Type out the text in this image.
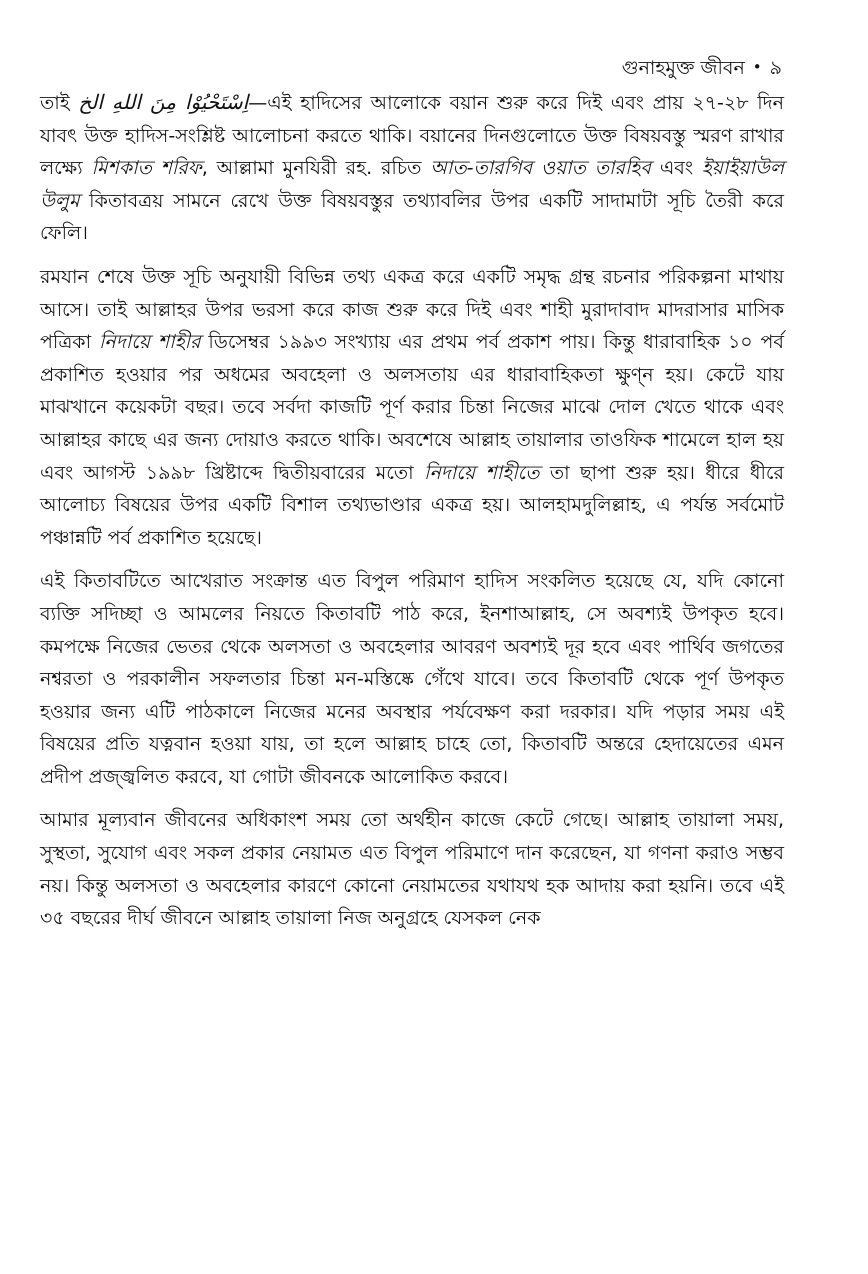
গুনাহমুক্ত জীবন • ৯

তাই اِسْتَحْيُوْا مِنَ اللهِ الخ—এই হাদিসের আলোকে বয়ান শুরু করে দিই এবং প্রায় ২৭-২৮ দিন যাবৎ উক্ত হাদিস-সংশ্লিষ্ট আলোচনা করতে থাকি। বয়ানের দিনগুলোতে উক্ত বিষয়বস্তু স্মরণ রাখার লক্ষ্যে মিশকাত শরিফ, আল্লামা মুনযিরী রহ. রচিত আত-তারগিব ওয়াত তারহিব এবং ইয়াইয়াউল উলুম কিতাবত্রয় সামনে রেখে উক্ত বিষয়বস্তুর তথ্যাবলির উপর একটি সাদামাটা সূচি তৈরী করে ফেলি।

রমযান শেষে উক্ত সূচি অনুযায়ী বিভিন্ন তথ্য একত্র করে একটি সমৃদ্ধ গ্রন্থ রচনার পরিকল্পনা মাথায় আসে। তাই আল্লাহর উপর ভরসা করে কাজ শুরু করে দিই এবং শাহী মুরাদাবাদ মাদরাসার মাসিক পত্রিকা নিদায়ে শাহীর ডিসেম্বর ১৯৯৩ সংখ্যায় এর প্রথম পর্ব প্রকাশ পায়। কিন্তু ধারাবাহিক ১০ পর্ব প্রকাশিত হওয়ার পর অধমের অবহেলা ও অলসতায় এর ধারাবাহিকতা ক্ষুণ্ন হয়। কেটে যায় মাঝখানে কয়েকটা বছর। তবে সর্বদা কাজটি পূর্ণ করার চিন্তা নিজের মাঝে দোল খেতে থাকে এবং আল্লাহর কাছে এর জন্য দোয়াও করতে থাকি। অবশেষে আল্লাহ তায়ালার তাওফিক শামেলে হাল হয় এবং আগস্ট ১৯৯৮ খ্রিষ্টাব্দে দ্বিতীয়বারের মতো নিদায়ে শাহীতে তা ছাপা শুরু হয়। ধীরে ধীরে আলোচ্য বিষয়ের উপর একটি বিশাল তথ্যভাণ্ডার একত্র হয়। আলহামদুলিল্লাহ, এ পর্যন্ত সর্বমোট পঞ্চান্নটি পর্ব প্রকাশিত হয়েছে।

এই কিতাবটিতে আখেরাত সংক্রান্ত এত বিপুল পরিমাণ হাদিস সংকলিত হয়েছে যে, যদি কোনো ব্যক্তি সদিচ্ছা ও আমলের নিয়তে কিতাবটি পাঠ করে, ইনশাআল্লাহ, সে অবশ্যই উপকৃত হবে। কমপক্ষে নিজের ভেতর থেকে অলসতা ও অবহেলার আবরণ অবশ্যই দূর হবে এবং পার্থিব জগতের নশ্বরতা ও পরকালীন সফলতার চিন্তা মন-মস্তিষ্কে গেঁথে যাবে। তবে কিতাবটি থেকে পূর্ণ উপকৃত হওয়ার জন্য এটি পাঠকালে নিজের মনের অবস্থার পর্যবেক্ষণ করা দরকার। যদি পড়ার সময় এই বিষয়ের প্রতি যত্নবান হওয়া যায়, তা হলে আল্লাহ চাহে তো, কিতাবটি অন্তরে হেদায়েতের এমন প্রদীপ প্রজ্জ্বলিত করবে, যা গোটা জীবনকে আলোকিত করবে।

আমার মূল্যবান জীবনের অধিকাংশ সময় তো অর্থহীন কাজে কেটে গেছে। আল্লাহ তায়ালা সময়, সুস্থতা, সুযোগ এবং সকল প্রকার নেয়ামত এত বিপুল পরিমাণে দান করেছেন, যা গণনা করাও সম্ভব নয়। কিন্তু অলসতা ও অবহেলার কারণে কোনো নেয়ামতের যথাযথ হক আদায় করা হয়নি। তবে এই ৩৫ বছরের দীর্ঘ জীবনে আল্লাহ তায়ালা নিজ অনুগ্রহে যেসকল নেক
